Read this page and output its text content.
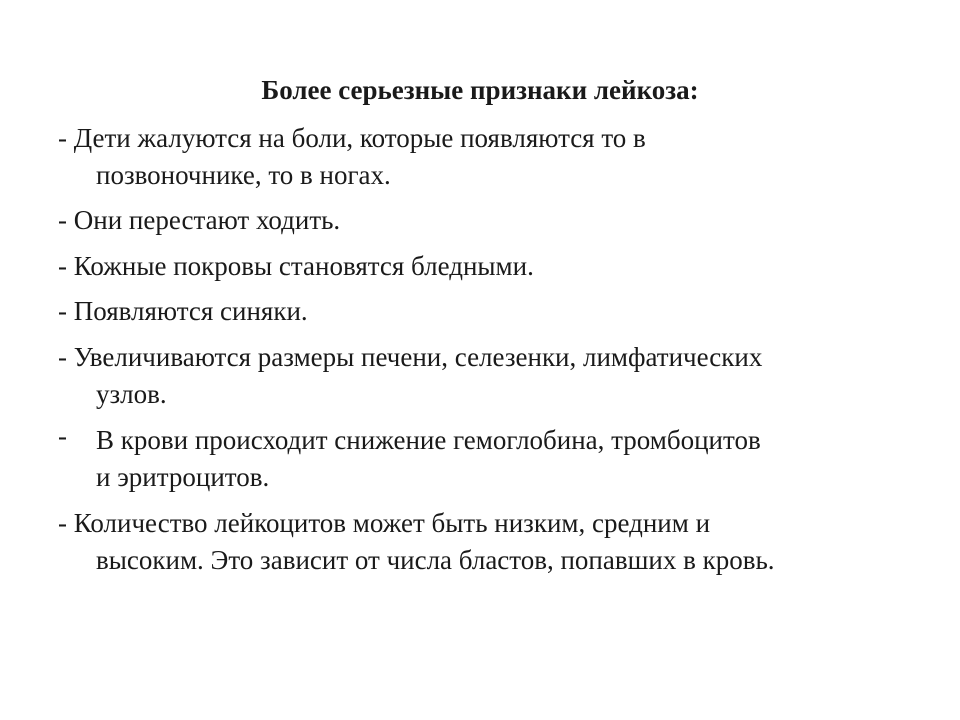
Более серьезные признаки лейкоза:
- Дети жалуются на боли, которые появляются то в
позвоночнике, то в ногах.
- Они перестают ходить.
- Кожные покровы становятся бледными.
- Появляются синяки.
- Увеличиваются размеры печени, селезенки, лимфатических
узлов.
-	В крови происходит снижение гемоглобина, тромбоцитов
и эритроцитов.
- Количество лейкоцитов может быть низким, средним и
высоким. Это зависит от числа бластов, попавших в кровь.
